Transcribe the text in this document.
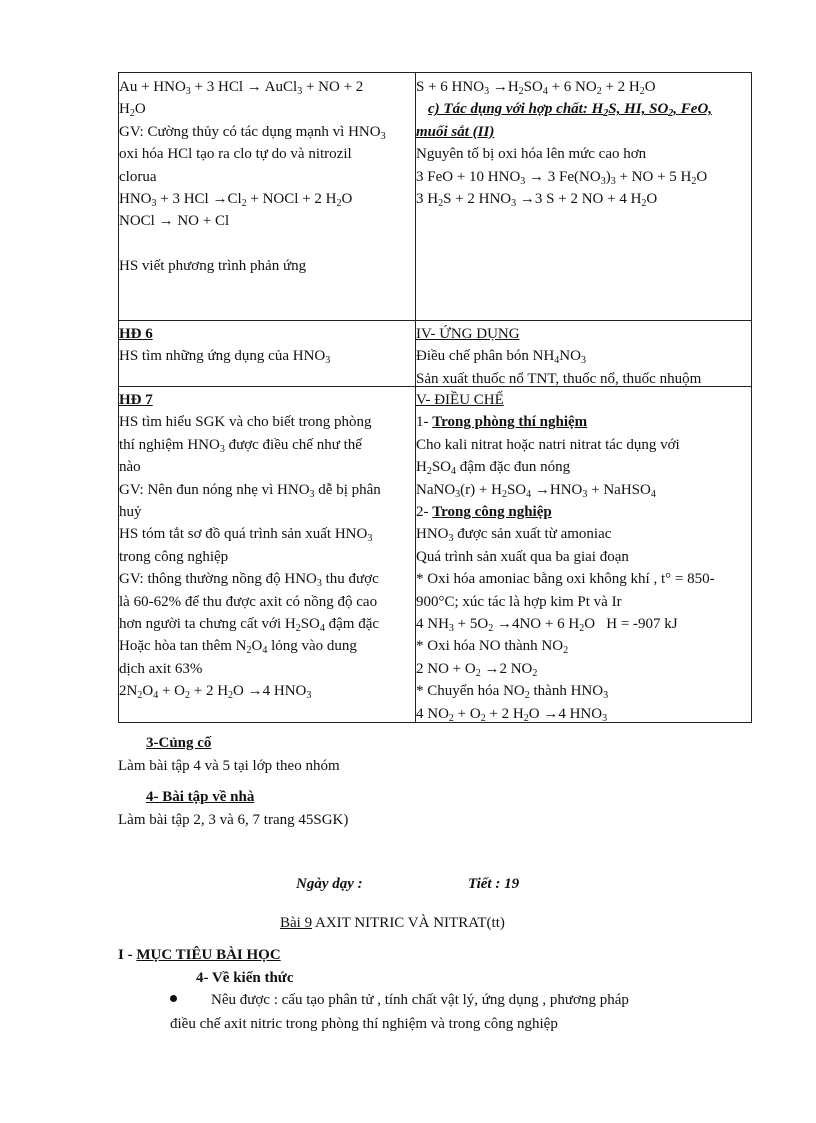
$Au + HNO_3 + 3$ HCl → AuCl$_3$ + NO + 2
$H_2O$
GV: Cường thủy có tác dụng mạnh vì $HNO_3$
oxi hóa HCl tạo ra clo tự do và nitrozil
clorua
$HNO_3 + 3$ HCl $\to Cl_2$ + NOCl + 2 $H_2O$
NOCl → NO + Cl

HS viết phương trình phản ứng
S + 6 $HNO_3 \to H_2SO_4 + 6$ $NO_2 + 2$ $H_2O$
c) Tác dụng với hợp chất: $H_2S$, HI, $SO_2$, FeO,
muối sắt (II)
Nguyên tố bị oxi hóa lên mức cao hơn
3 FeO + 10 $HNO_3 \to 3$ $Fe(NO_3)_3$ + NO + 5 $H_2O$
3 $H_2S + 2$ $HNO_3 \to 3$ S + 2 NO + 4 $H_2O$
HĐ 6
HS tìm những ứng dụng của $HNO_3$
IV- ỨNG DỤNG
Điều chế phân bón $NH_4NO_3$
Sản xuất thuốc nổ TNT, thuốc nổ, thuốc nhuộm
HĐ 7
HS tìm hiểu SGK và cho biết trong phòng
thí nghiệm $HNO_3$ được điều chế như thế
nào
GV: Nên đun nóng nhẹ vì $HNO_3$ dễ bị phân
huỷ
HS tóm tắt sơ đồ quá trình sản xuất $HNO_3$
trong công nghiệp
GV: thông thường nồng độ $HNO_3$ thu được
là 60-62% để thu được axit có nồng độ cao
hơn người ta chưng cất với $H_2SO_4$ đậm đặc
Hoặc hòa tan thêm $N_2O_4$ lỏng vào dung
dịch axit 63%
$2N_2O_4 + O_2 + 2$ $H_2O \to 4$ $HNO_3$
V- ĐIỀU CHẾ
1- Trong phòng thí nghiệm
Cho kali nitrat hoặc natri nitrat tác dụng với
$H_2SO_4$ đậm đặc đun nóng
NaNO$_3$(r) + $H_2SO_4 \to HNO_3$ + NaHSO$_4$
2- Trong công nghiệp
$HNO_3$ được sản xuất từ amoniac
Quá trình sản xuất qua ba giai đoạn
* Oxi hóa amoniac bằng oxi không khí , t° = 850-
900°C; xúc tác là hợp kim Pt và Ir
4 $NH_3 + 5O_2 \to 4NO + 6$ $H_2O$   H = -907 kJ
* Oxi hóa NO thành $NO_2$
2 NO + $O_2 \to 2$ $NO_2$
* Chuyển hóa $NO_2$ thành $HNO_3$
4 $NO_2 + O_2 + 2$ $H_2O \to 4$ $HNO_3$
3-Củng cố
Làm bài tập 4 và 5 tại lớp theo nhóm
4- Bài tập về nhà
Làm bài tập 2, 3 và 6, 7 trang 45SGK)
Ngày dạy :	Tiết : 19
Bài 9 AXIT NITRIC VÀ NITRAT(tt)
I - MỤC TIÊU BÀI HỌC
4- Về kiến thức
Nêu được : cấu tạo phân tử , tính chất vật lý, ứng dụng , phương pháp
điều chế axit nitric trong phòng thí nghiệm và trong công nghiệp
